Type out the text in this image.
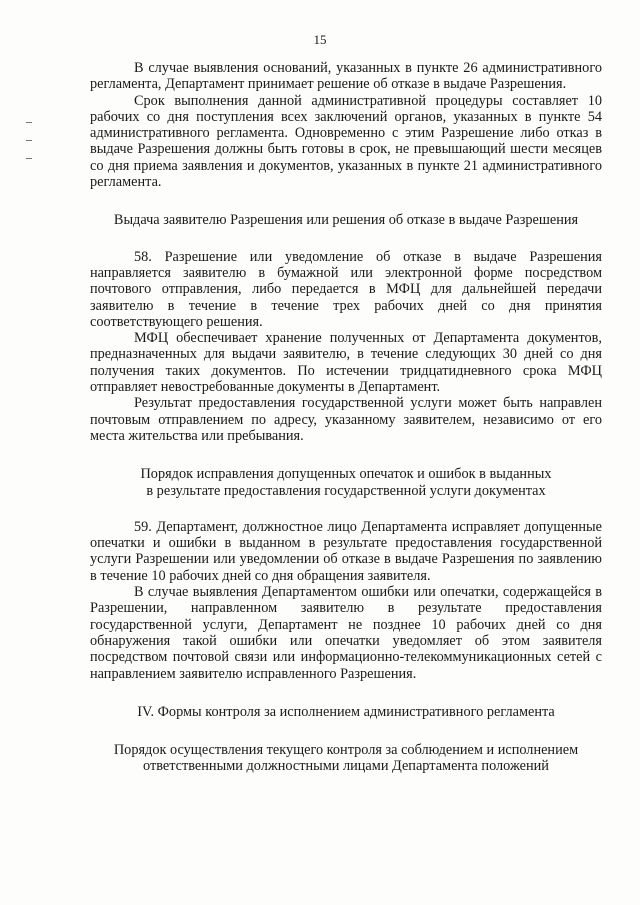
15

В случае выявления оснований, указанных в пункте 26 административного регламента, Департамент принимает решение об отказе в выдаче Разрешения.

Срок выполнения данной административной процедуры составляет 10 рабочих со дня поступления всех заключений органов, указанных в пункте 54 административного регламента. Одновременно с этим Разрешение либо отказ в выдаче Разрешения должны быть готовы в срок, не превышающий шести месяцев со дня приема заявления и документов, указанных в пункте 21 административного регламента.

Выдача заявителю Разрешения или решения об отказе в выдаче Разрешения

58. Разрешение или уведомление об отказе в выдаче Разрешения направляется заявителю в бумажной или электронной форме посредством почтового отправления, либо передается в МФЦ для дальнейшей передачи заявителю в течение в течение трех рабочих дней со дня принятия соответствующего решения.

МФЦ обеспечивает хранение полученных от Департамента документов, предназначенных для выдачи заявителю, в течение следующих 30 дней со дня получения таких документов. По истечении тридцатидневного срока МФЦ отправляет невостребованные документы в Департамент.

Результат предоставления государственной услуги может быть направлен почтовым отправлением по адресу, указанному заявителем, независимо от его места жительства или пребывания.

Порядок исправления допущенных опечаток и ошибок в выданных
в результате предоставления государственной услуги документах

59. Департамент, должностное лицо Департамента исправляет допущенные опечатки и ошибки в выданном в результате предоставления государственной услуги Разрешении или уведомлении об отказе в выдаче Разрешения по заявлению в течение 10 рабочих дней со дня обращения заявителя.

В случае выявления Департаментом ошибки или опечатки, содержащейся в Разрешении, направленном заявителю в результате предоставления государственной услуги, Департамент не позднее 10 рабочих дней со дня обнаружения такой ошибки или опечатки уведомляет об этом заявителя посредством почтовой связи или информационно-телекоммуникационных сетей с направлением заявителю исправленного Разрешения.

IV. Формы контроля за исполнением административного регламента

Порядок осуществления текущего контроля за соблюдением и исполнением
ответственными должностными лицами Департамента положений
